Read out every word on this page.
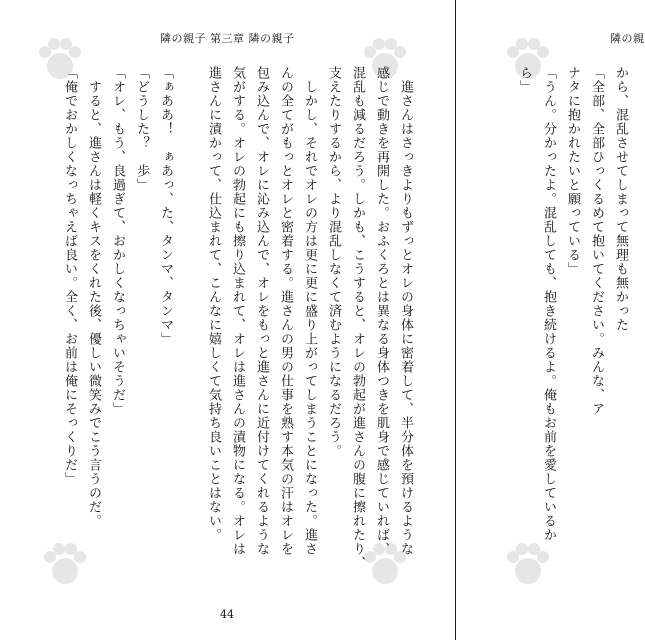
隣の親子 第三章 隣の親子
　進さんはさっきよりもずっとオレの身体に密着して、半分体を預けるような
感じで動きを再開した。おふくろとは異なる身体つきを肌身で感じていれば、
混乱も減るだろう。しかも、こうすると、オレの勃起が進さんの腹に擦れたり、
支えたりするから、より混乱しなくて済むようになるだろう。
　しかし、それでオレの方は更に更に盛り上がってしまうことになった。進さ
んの全てがもっとオレと密着する。進さんの男の仕事を熟す本気の汗はオレを
包み込んで、オレに沁み込んで、オレをもっと進さんに近付けてくれるような
気がする。オレの勃起にも擦り込まれて、オレは進さんの漬物になる。オレは
進さんに漬かって、仕込まれて、こんなに嬉しくて気持ち良いことはない。
「ぁああ！　ぁあっ、た、タンマ、タンマ」
「どうした？　歩」
「オレ、もう、良過ぎて、おかしくなっちゃいそうだ」
　すると、進さんは軽くキスをくれた後、優しい微笑みでこう言うのだ。
「俺でおかしくなっちゃえば良い。全く、お前は俺にそっくりだ」
44
隣の親
から、混乱させてしまって無理も無かった
「全部、全部ひっくるめて抱いてください。みんな、ア
ナタに抱かれたいと願っている」
「うん。分かったよ。混乱しても、抱き続けるよ。俺もお前を愛しているか
ら」
